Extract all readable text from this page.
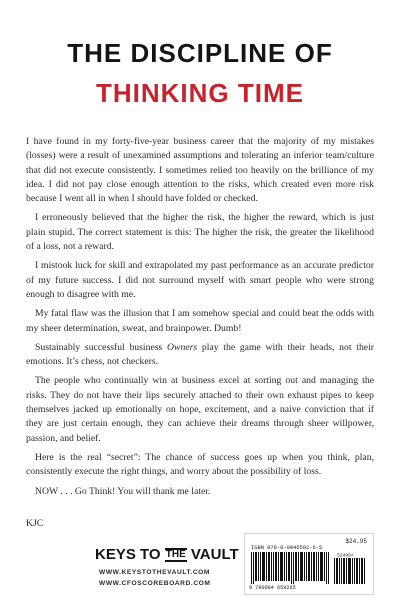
THE DISCIPLINE OF
THINKING TIME

I have found in my forty-five-year business career that the majority of my mistakes (losses) were a result of unexamined assumptions and tolerating an inferior team/culture that did not execute consistently. I sometimes relied too heavily on the brilliance of my idea. I did not pay close enough attention to the risks, which created even more risk because I went all in when I should have folded or checked.

I erroneously believed that the higher the risk, the higher the reward, which is just plain stupid. The correct statement is this: The higher the risk, the greater the likelihood of a loss, not a reward.

I mistook luck for skill and extrapolated my past performance as an accurate predictor of my future success. I did not surround myself with smart people who were strong enough to disagree with me.

My fatal flaw was the illusion that I am somehow special and could beat the odds with my sheer determination, sweat, and brainpower. Dumb!

Sustainably successful business Owners play the game with their heads, not their emotions. It’s chess, not checkers.

The people who continually win at business excel at sorting out and managing the risks. They do not have their lips securely attached to their own exhaust pipes to keep themselves jacked up emotionally on hope, excitement, and a naive conviction that if they are just certain enough, they can achieve their dreams through sheer willpower, passion, and belief.

Here is the real “secret”: The chance of success goes up when you think, plan, consistently execute the right things, and worry about the possibility of loss.

NOW . . . Go Think! You will thank me later.

KJC
KEYS TO THE VAULT
WWW.KEYSTOTHEVAULT.COM
WWW.CFOSCOREBOARD.COM
$24.95
ISBN 978-0-9846592-6-5
52495>
9 780984 659265
